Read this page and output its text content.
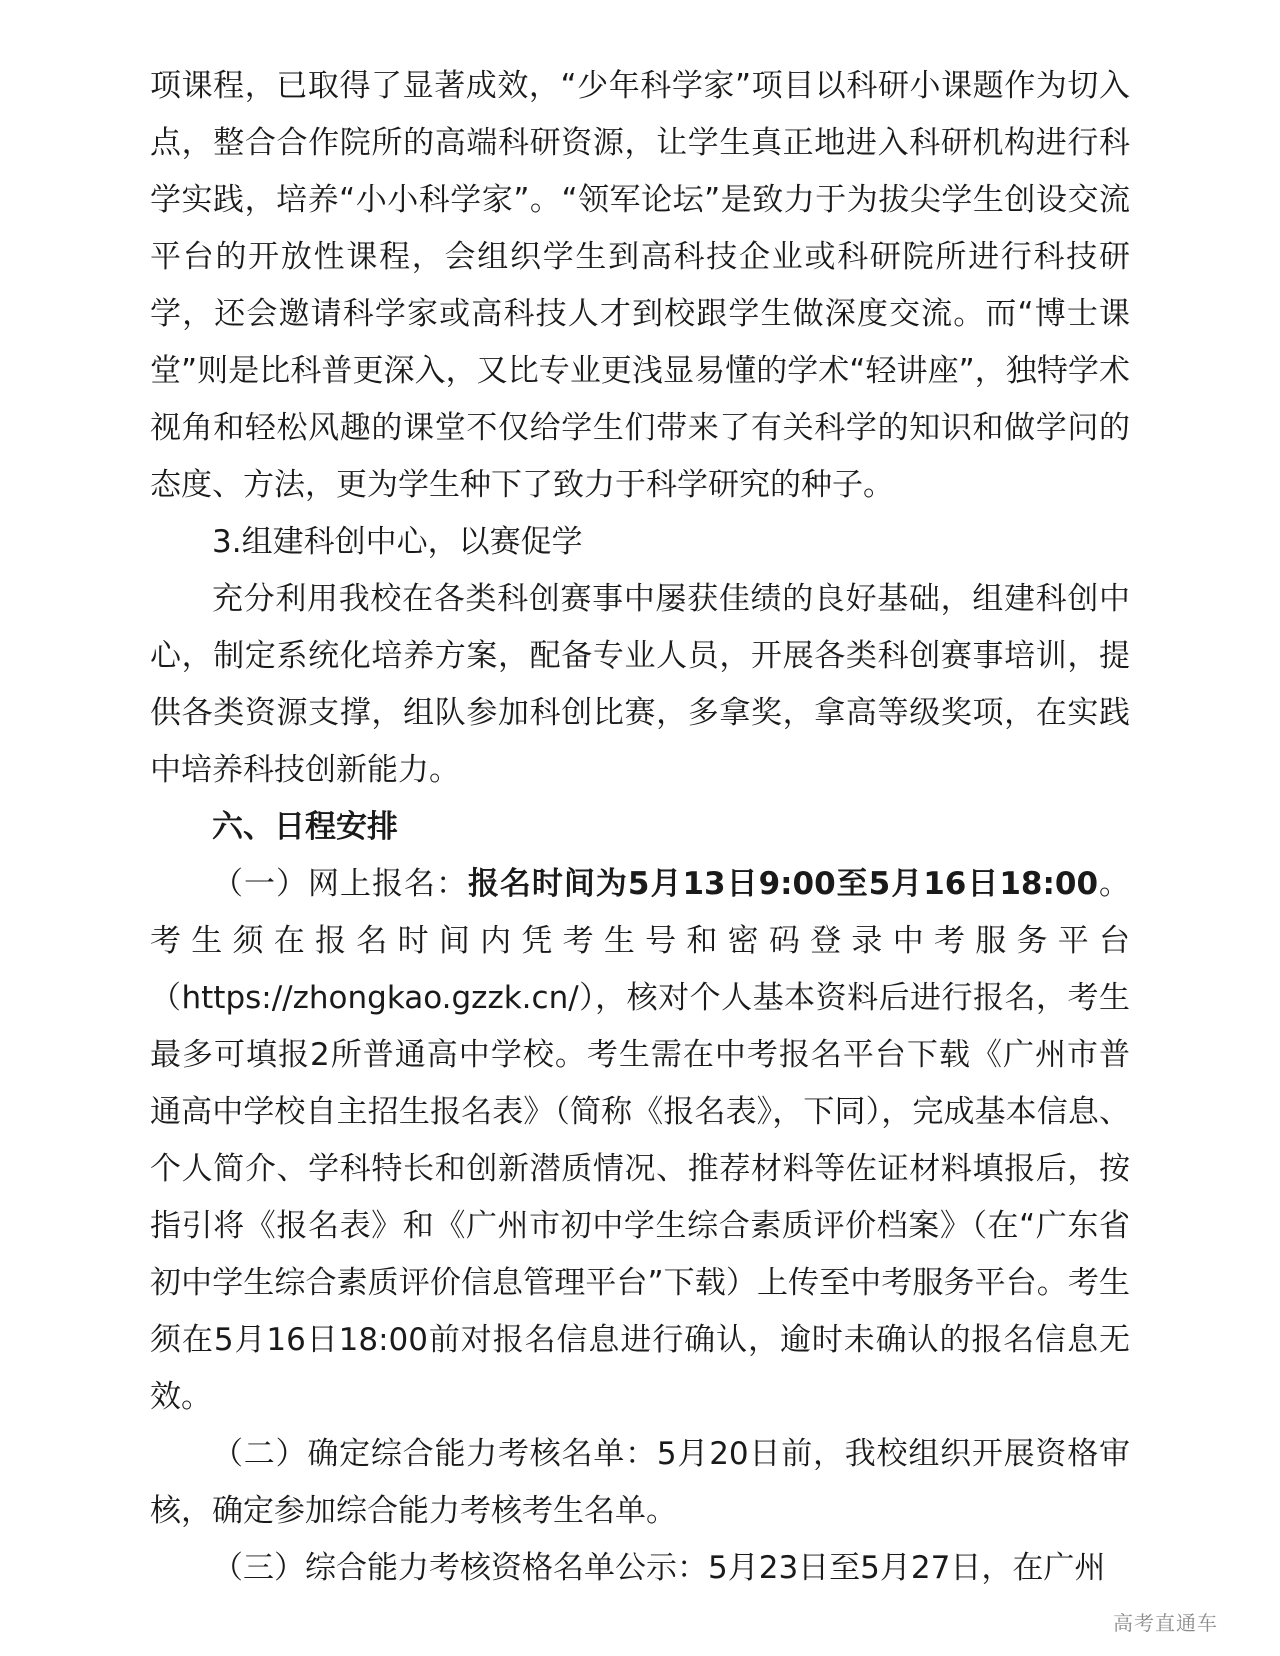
项课程，已取得了显著成效，“少年科学家”项目以科研小课题作为切入点，整合合作院所的高端科研资源，让学生真正地进入科研机构进行科学实践，培养“小小科学家”。“领军论坛”是致力于为拔尖学生创设交流平台的开放性课程，会组织学生到高科技企业或科研院所进行科技研学，还会邀请科学家或高科技人才到校跟学生做深度交流。而“博士课堂”则是比科普更深入，又比专业更浅显易懂的学术“轻讲座”，独特学术视角和轻松风趣的课堂不仅给学生们带来了有关科学的知识和做学问的态度、方法，更为学生种下了致力于科学研究的种子。

3.组建科创中心，以赛促学

充分利用我校在各类科创赛事中屡获佳绩的良好基础，组建科创中心，制定系统化培养方案，配备专业人员，开展各类科创赛事培训，提供各类资源支撑，组队参加科创比赛，多拿奖，拿高等级奖项，在实践中培养科技创新能力。

六、日程安排

（一）网上报名：报名时间为5月13日9:00至5月16日18:00。考生须在报名时间内凭考生号和密码登录中考服务平台（https://zhongkao.gzzk.cn/），核对个人基本资料后进行报名，考生最多可填报2所普通高中学校。考生需在中考报名平台下载《广州市普通高中学校自主招生报名表》（简称《报名表》，下同），完成基本信息、个人简介、学科特长和创新潜质情况、推荐材料等佐证材料填报后，按指引将《报名表》和《广州市初中学生综合素质评价档案》（在“广东省初中学生综合素质评价信息管理平台”下载）上传至中考服务平台。考生须在5月16日18:00前对报名信息进行确认，逾时未确认的报名信息无效。

（二）确定综合能力考核名单：5月20日前，我校组织开展资格审核，确定参加综合能力考核考生名单。

（三）综合能力考核资格名单公示：5月23日至5月27日，在广州

高考直通车
